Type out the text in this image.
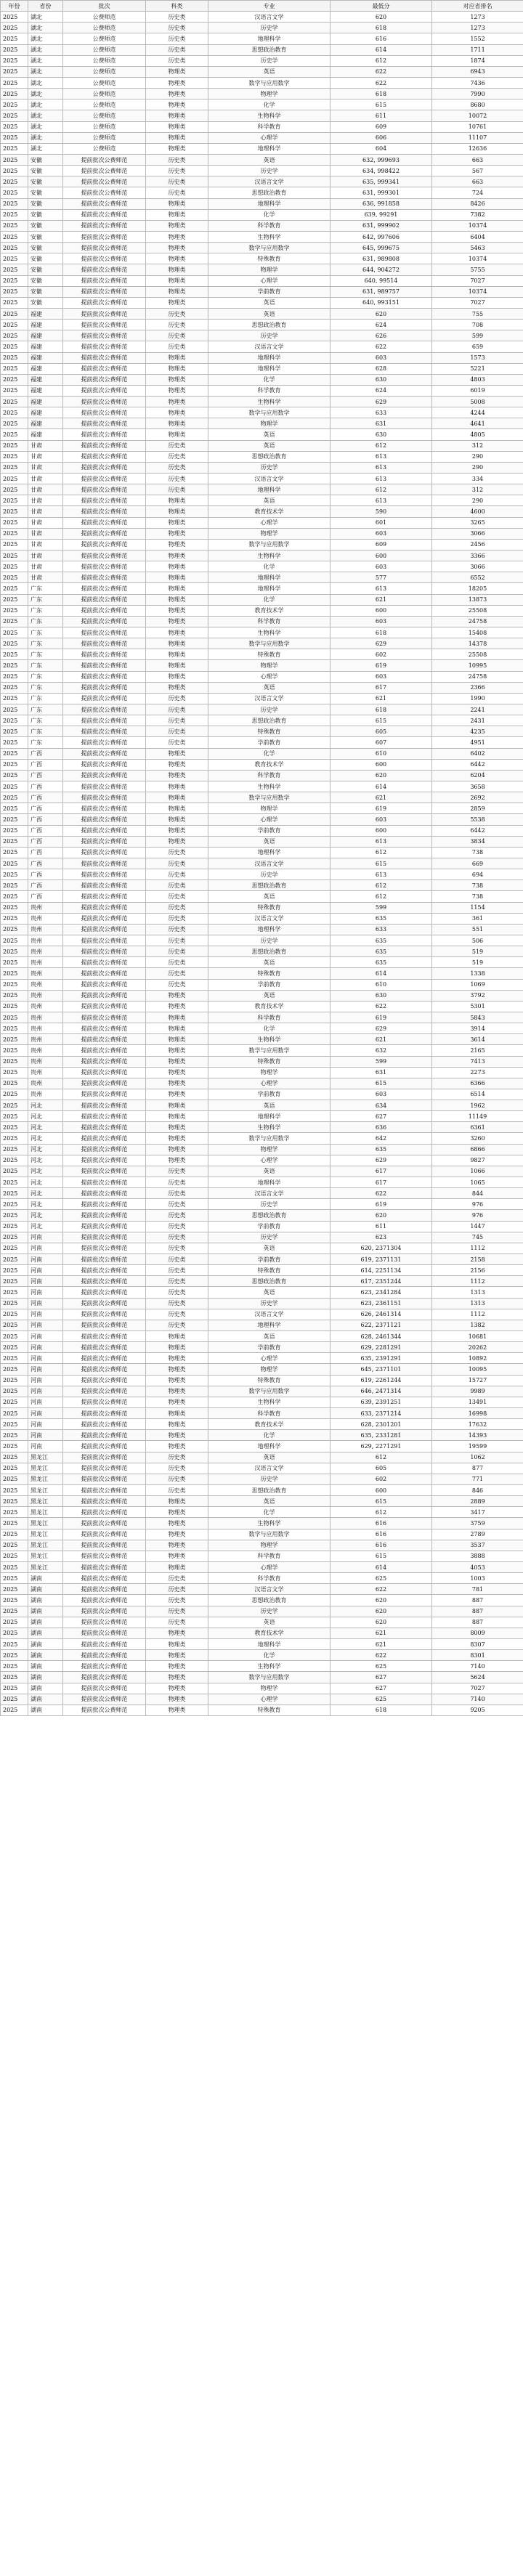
年份	省份	批次	科类	专业	最低分	对应省排名
2025	湖北	公费师范	历史类	汉语言文学	620	1273
2025	湖北	公费师范	历史类	历史学	618	1273
2025	湖北	公费师范	历史类	地理科学	616	1552
2025	湖北	公费师范	历史类	思想政治教育	614	1711
2025	湖北	公费师范	历史类	历史学	612	1874
2025	湖北	公费师范	物理类	英语	622	6943
2025	湖北	公费师范	物理类	数学与应用数学	622	7436
2025	湖北	公费师范	物理类	物理学	618	7990
2025	湖北	公费师范	物理类	化学	615	8680
2025	湖北	公费师范	物理类	生物科学	611	10072
2025	湖北	公费师范	物理类	科学教育	609	10761
2025	湖北	公费师范	物理类	心理学	606	11107
2025	湖北	公费师范	物理类	地理科学	604	12636
2025	安徽	提前批次公费师范	历史类	英语	632, 999693	663
2025	安徽	提前批次公费师范	历史类	历史学	634, 998422	567
2025	安徽	提前批次公费师范	历史类	汉语言文学	635, 999341	663
2025	安徽	提前批次公费师范	历史类	思想政治教育	631, 999301	724
2025	安徽	提前批次公费师范	物理类	地理科学	636, 991858	8426
2025	安徽	提前批次公费师范	物理类	化学	639, 99291	7382
2025	安徽	提前批次公费师范	物理类	科学教育	631, 999902	10374
2025	安徽	提前批次公费师范	物理类	生物科学	642, 997606	6404
2025	安徽	提前批次公费师范	物理类	数学与应用数学	645, 999675	5463
2025	安徽	提前批次公费师范	物理类	特殊教育	631, 989808	10374
2025	安徽	提前批次公费师范	物理类	物理学	644, 904272	5755
2025	安徽	提前批次公费师范	物理类	心理学	640, 99514	7027
2025	安徽	提前批次公费师范	物理类	学前教育	631, 989757	10374
2025	安徽	提前批次公费师范	物理类	英语	640, 993151	7027
2025	福建	提前批次公费师范	历史类	英语	620	755
2025	福建	提前批次公费师范	历史类	思想政治教育	624	708
2025	福建	提前批次公费师范	历史类	历史学	626	599
2025	福建	提前批次公费师范	历史类	汉语言文学	622	659
2025	福建	提前批次公费师范	物理类	地理科学	603	1573
2025	福建	提前批次公费师范	物理类	地理科学	628	5221
2025	福建	提前批次公费师范	物理类	化学	630	4803
2025	福建	提前批次公费师范	物理类	科学教育	624	6019
2025	福建	提前批次公费师范	物理类	生物科学	629	5008
2025	福建	提前批次公费师范	物理类	数学与应用数学	633	4244
2025	福建	提前批次公费师范	物理类	物理学	631	4641
2025	福建	提前批次公费师范	物理类	英语	630	4805
2025	甘肃	提前批次公费师范	历史类	英语	612	312
2025	甘肃	提前批次公费师范	历史类	思想政治教育	613	290
2025	甘肃	提前批次公费师范	历史类	历史学	613	290
2025	甘肃	提前批次公费师范	历史类	汉语言文学	613	334
2025	甘肃	提前批次公费师范	历史类	地理科学	612	312
2025	甘肃	提前批次公费师范	物理类	英语	613	290
2025	甘肃	提前批次公费师范	物理类	教育技术学	590	4600
2025	甘肃	提前批次公费师范	物理类	心理学	601	3265
2025	甘肃	提前批次公费师范	物理类	物理学	603	3066
2025	甘肃	提前批次公费师范	物理类	数学与应用数学	609	2456
2025	甘肃	提前批次公费师范	物理类	生物科学	600	3366
2025	甘肃	提前批次公费师范	物理类	化学	603	3066
2025	甘肃	提前批次公费师范	物理类	地理科学	577	6552
2025	广东	提前批次公费师范	物理类	地理科学	613	18205
2025	广东	提前批次公费师范	物理类	化学	621	13873
2025	广东	提前批次公费师范	物理类	教育技术学	600	25508
2025	广东	提前批次公费师范	物理类	科学教育	603	24758
2025	广东	提前批次公费师范	物理类	生物科学	618	15408
2025	广东	提前批次公费师范	物理类	数学与应用数学	629	14378
2025	广东	提前批次公费师范	物理类	特殊教育	602	25508
2025	广东	提前批次公费师范	物理类	物理学	619	10995
2025	广东	提前批次公费师范	物理类	心理学	603	24758
2025	广东	提前批次公费师范	物理类	英语	617	2366
2025	广东	提前批次公费师范	历史类	汉语言文学	621	1990
2025	广东	提前批次公费师范	历史类	历史学	618	2241
2025	广东	提前批次公费师范	历史类	思想政治教育	615	2431
2025	广东	提前批次公费师范	历史类	特殊教育	605	4235
2025	广东	提前批次公费师范	历史类	学前教育	607	4951
2025	广西	提前批次公费师范	物理类	化学	610	6402
2025	广西	提前批次公费师范	物理类	教育技术学	600	6442
2025	广西	提前批次公费师范	物理类	科学教育	620	6204
2025	广西	提前批次公费师范	物理类	生物科学	614	3658
2025	广西	提前批次公费师范	物理类	数学与应用数学	621	2692
2025	广西	提前批次公费师范	物理类	物理学	619	2859
2025	广西	提前批次公费师范	物理类	心理学	603	5538
2025	广西	提前批次公费师范	物理类	学前教育	600	6442
2025	广西	提前批次公费师范	物理类	英语	613	3834
2025	广西	提前批次公费师范	历史类	地理科学	612	738
2025	广西	提前批次公费师范	历史类	汉语言文学	615	669
2025	广西	提前批次公费师范	历史类	历史学	613	694
2025	广西	提前批次公费师范	历史类	思想政治教育	612	738
2025	广西	提前批次公费师范	历史类	英语	612	738
2025	贵州	提前批次公费师范	历史类	特殊教育	599	1154
2025	贵州	提前批次公费师范	历史类	汉语言文学	635	361
2025	贵州	提前批次公费师范	历史类	地理科学	633	551
2025	贵州	提前批次公费师范	历史类	历史学	635	506
2025	贵州	提前批次公费师范	历史类	思想政治教育	635	519
2025	贵州	提前批次公费师范	历史类	英语	635	519
2025	贵州	提前批次公费师范	历史类	特殊教育	614	1338
2025	贵州	提前批次公费师范	历史类	学前教育	610	1069
2025	贵州	提前批次公费师范	物理类	英语	630	3792
2025	贵州	提前批次公费师范	物理类	教育技术学	622	5301
2025	贵州	提前批次公费师范	物理类	科学教育	619	5843
2025	贵州	提前批次公费师范	物理类	化学	629	3914
2025	贵州	提前批次公费师范	物理类	生物科学	621	3614
2025	贵州	提前批次公费师范	物理类	数学与应用数学	632	2165
2025	贵州	提前批次公费师范	物理类	特殊教育	599	7413
2025	贵州	提前批次公费师范	物理类	物理学	631	2273
2025	贵州	提前批次公费师范	物理类	心理学	615	6366
2025	贵州	提前批次公费师范	物理类	学前教育	603	6514
2025	河北	提前批次公费师范	物理类	英语	634	1962
2025	河北	提前批次公费师范	物理类	地理科学	627	11149
2025	河北	提前批次公费师范	物理类	生物科学	636	6361
2025	河北	提前批次公费师范	物理类	数学与应用数学	642	3260
2025	河北	提前批次公费师范	物理类	物理学	635	6866
2025	河北	提前批次公费师范	物理类	心理学	629	9827
2025	河北	提前批次公费师范	历史类	英语	617	1066
2025	河北	提前批次公费师范	历史类	地理科学	617	1065
2025	河北	提前批次公费师范	历史类	汉语言文学	622	844
2025	河北	提前批次公费师范	历史类	历史学	619	976
2025	河北	提前批次公费师范	历史类	思想政治教育	620	976
2025	河北	提前批次公费师范	历史类	学前教育	611	1447
2025	河南	提前批次公费师范	历史类	历史学	623	745
2025	河南	提前批次公费师范	历史类	英语	620, 2371304	1112
2025	河南	提前批次公费师范	历史类	学前教育	619, 2371131	2158
2025	河南	提前批次公费师范	历史类	特殊教育	614, 2251134	2156
2025	河南	提前批次公费师范	历史类	思想政治教育	617, 2351244	1112
2025	河南	提前批次公费师范	历史类	英语	623, 2341284	1313
2025	河南	提前批次公费师范	历史类	历史学	623, 2361151	1313
2025	河南	提前批次公费师范	历史类	汉语言文学	626, 2461314	1112
2025	河南	提前批次公费师范	历史类	地理科学	622, 2371121	1382
2025	河南	提前批次公费师范	物理类	英语	628, 2461344	10681
2025	河南	提前批次公费师范	物理类	学前教育	629, 2281291	20262
2025	河南	提前批次公费师范	物理类	心理学	635, 2391291	10892
2025	河南	提前批次公费师范	物理类	物理学	645, 2371101	10095
2025	河南	提前批次公费师范	物理类	特殊教育	619, 2261244	15727
2025	河南	提前批次公费师范	物理类	数学与应用数学	646, 2471314	9989
2025	河南	提前批次公费师范	物理类	生物科学	639, 2391251	13491
2025	河南	提前批次公费师范	物理类	科学教育	633, 2371214	16998
2025	河南	提前批次公费师范	物理类	教育技术学	628, 2301201	17632
2025	河南	提前批次公费师范	物理类	化学	635, 2331281	14393
2025	河南	提前批次公费师范	物理类	地理科学	629, 2271291	19599
2025	黑龙江	提前批次公费师范	历史类	英语	612	1062
2025	黑龙江	提前批次公费师范	历史类	汉语言文学	605	877
2025	黑龙江	提前批次公费师范	历史类	历史学	602	771
2025	黑龙江	提前批次公费师范	历史类	思想政治教育	600	846
2025	黑龙江	提前批次公费师范	物理类	英语	615	2889
2025	黑龙江	提前批次公费师范	物理类	化学	612	3417
2025	黑龙江	提前批次公费师范	物理类	生物科学	616	3759
2025	黑龙江	提前批次公费师范	物理类	数学与应用数学	616	2789
2025	黑龙江	提前批次公费师范	物理类	物理学	616	3537
2025	黑龙江	提前批次公费师范	物理类	科学教育	615	3888
2025	黑龙江	提前批次公费师范	物理类	心理学	614	4053
2025	湖南	提前批次公费师范	历史类	科学教育	625	1003
2025	湖南	提前批次公费师范	历史类	汉语言文学	622	781
2025	湖南	提前批次公费师范	历史类	思想政治教育	620	887
2025	湖南	提前批次公费师范	历史类	历史学	620	887
2025	湖南	提前批次公费师范	历史类	英语	620	887
2025	湖南	提前批次公费师范	物理类	教育技术学	621	8009
2025	湖南	提前批次公费师范	物理类	地理科学	621	8307
2025	湖南	提前批次公费师范	物理类	化学	622	8301
2025	湖南	提前批次公费师范	物理类	生物科学	625	7140
2025	湖南	提前批次公费师范	物理类	数学与应用数学	627	5624
2025	湖南	提前批次公费师范	物理类	物理学	627	7027
2025	湖南	提前批次公费师范	物理类	心理学	625	7140
2025	湖南	提前批次公费师范	物理类	特殊教育	618	9205
